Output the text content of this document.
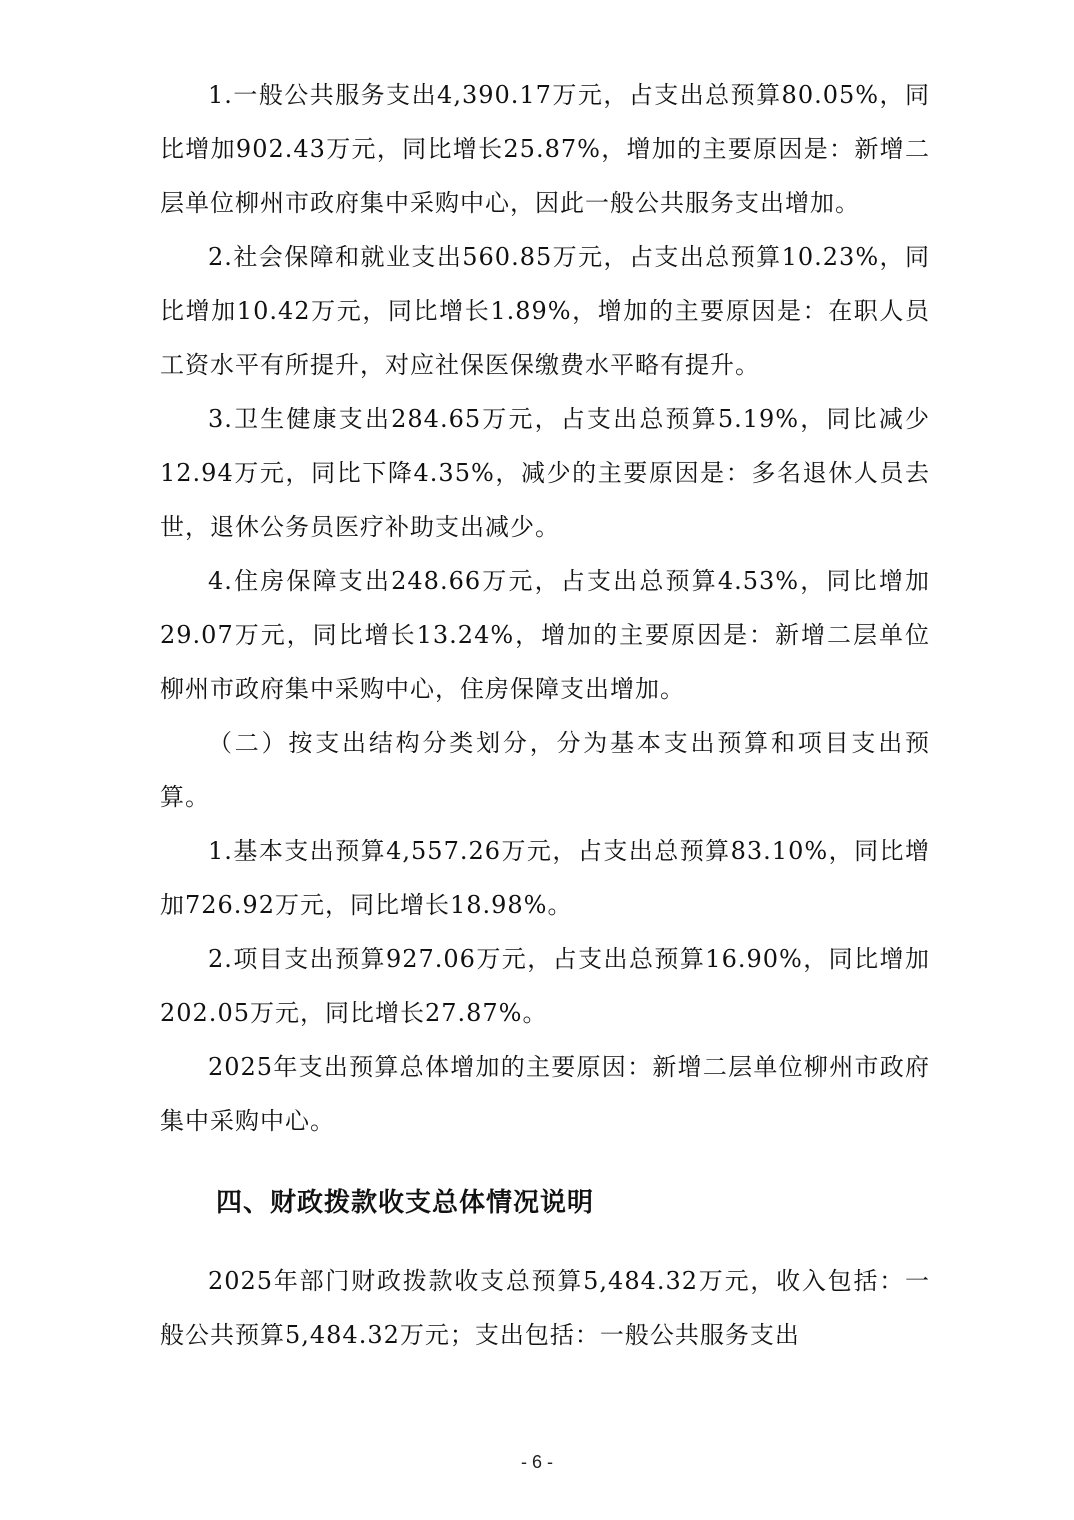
1.一般公共服务支出4,390.17万元，占支出总预算80.05%，同比增加902.43万元，同比增长25.87%，增加的主要原因是：新增二层单位柳州市政府集中采购中心，因此一般公共服务支出增加。

2.社会保障和就业支出560.85万元，占支出总预算10.23%，同比增加10.42万元，同比增长1.89%，增加的主要原因是：在职人员工资水平有所提升，对应社保医保缴费水平略有提升。

3.卫生健康支出284.65万元，占支出总预算5.19%，同比减少12.94万元，同比下降4.35%，减少的主要原因是：多名退休人员去世，退休公务员医疗补助支出减少。

4.住房保障支出248.66万元，占支出总预算4.53%，同比增加29.07万元，同比增长13.24%，增加的主要原因是：新增二层单位柳州市政府集中采购中心，住房保障支出增加。

（二）按支出结构分类划分，分为基本支出预算和项目支出预算。

1.基本支出预算4,557.26万元，占支出总预算83.10%，同比增加726.92万元，同比增长18.98%。

2.项目支出预算927.06万元，占支出总预算16.90%，同比增加202.05万元，同比增长27.87%。

2025年支出预算总体增加的主要原因：新增二层单位柳州市政府集中采购中心。

四、财政拨款收支总体情况说明

2025年部门财政拨款收支总预算5,484.32万元，收入包括：一般公共预算5,484.32万元；支出包括：一般公共服务支出

- 6 -
